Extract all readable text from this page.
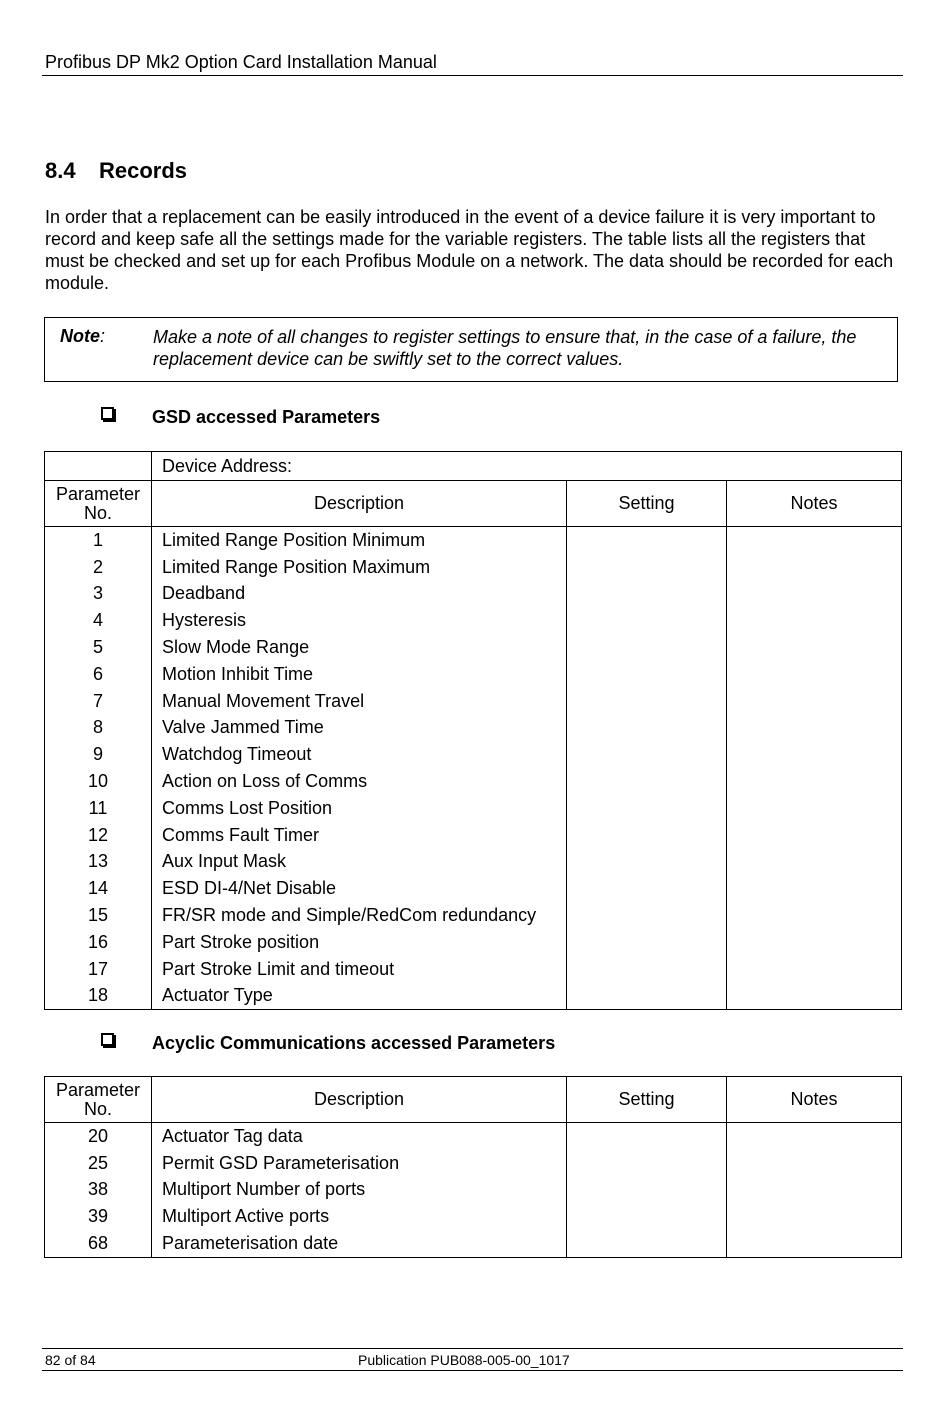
Profibus DP Mk2 Option Card Installation Manual
8.4 Records
In order that a replacement can be easily introduced in the event of a device failure it is very important to record and keep safe all the settings made for the variable registers. The table lists all the registers that must be checked and set up for each Profibus Module on a network. The data should be recorded for each module.
Note:	Make a note of all changes to register settings to ensure that, in the case of a failure, the replacement device can be swiftly set to the correct values.
GSD accessed Parameters
	Device Address:		
Parameter
No.	Description	Setting	Notes
1	Limited Range Position Minimum		
2	Limited Range Position Maximum		
3	Deadband		
4	Hysteresis		
5	Slow Mode Range		
6	Motion Inhibit Time		
7	Manual Movement Travel		
8	Valve Jammed Time		
9	Watchdog Timeout		
10	Action on Loss of Comms		
11	Comms Lost Position		
12	Comms Fault Timer		
13	Aux Input Mask		
14	ESD DI-4/Net Disable		
15	FR/SR mode and Simple/RedCom redundancy		
16	Part Stroke position		
17	Part Stroke Limit and timeout		
18	Actuator Type		
Acyclic Communications accessed Parameters
Parameter
No.	Description	Setting	Notes
20	Actuator Tag data		
25	Permit GSD Parameterisation		
38	Multiport Number of ports		
39	Multiport Active ports		
68	Parameterisation date		
82 of 84	Publication PUB088-005-00_1017
